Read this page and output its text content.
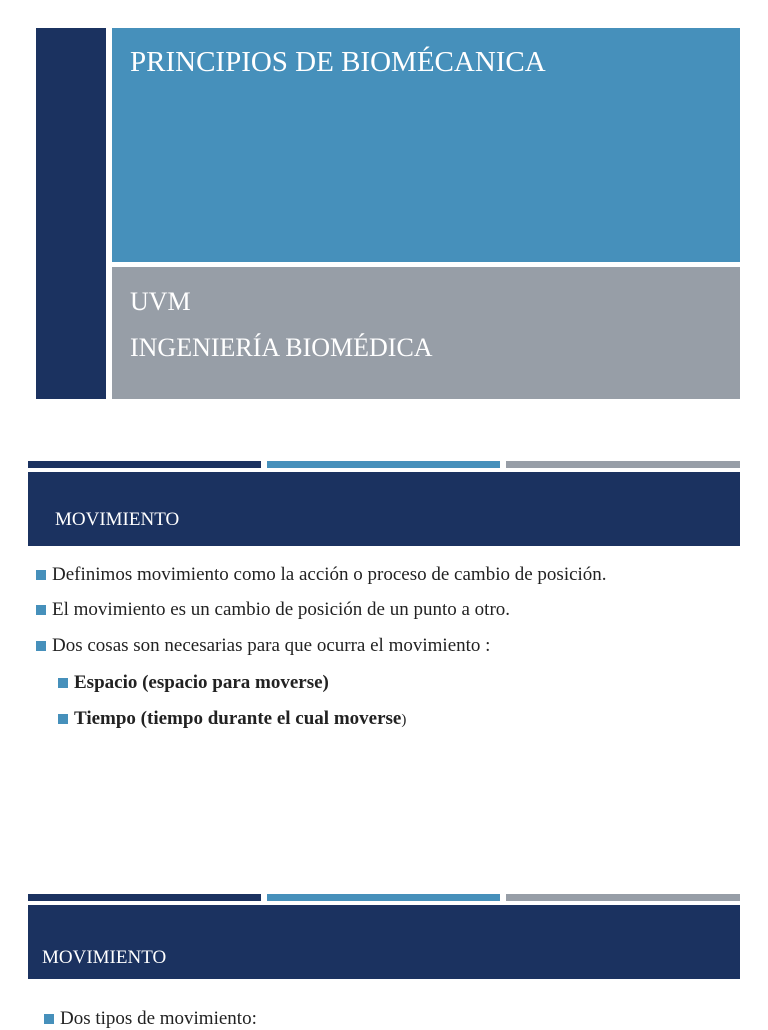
PRINCIPIOS DE BIOMÉCANICA
UVM
INGENIERÍA BIOMÉDICA
MOVIMIENTO
Definimos movimiento como la acción o proceso de cambio de posición.
El movimiento es un cambio de posición de un punto a otro.
Dos cosas son necesarias para que ocurra el movimiento :
Espacio (espacio para moverse)
Tiempo (tiempo durante el cual moverse )
MOVIMIENTO
Dos tipos de movimiento:
